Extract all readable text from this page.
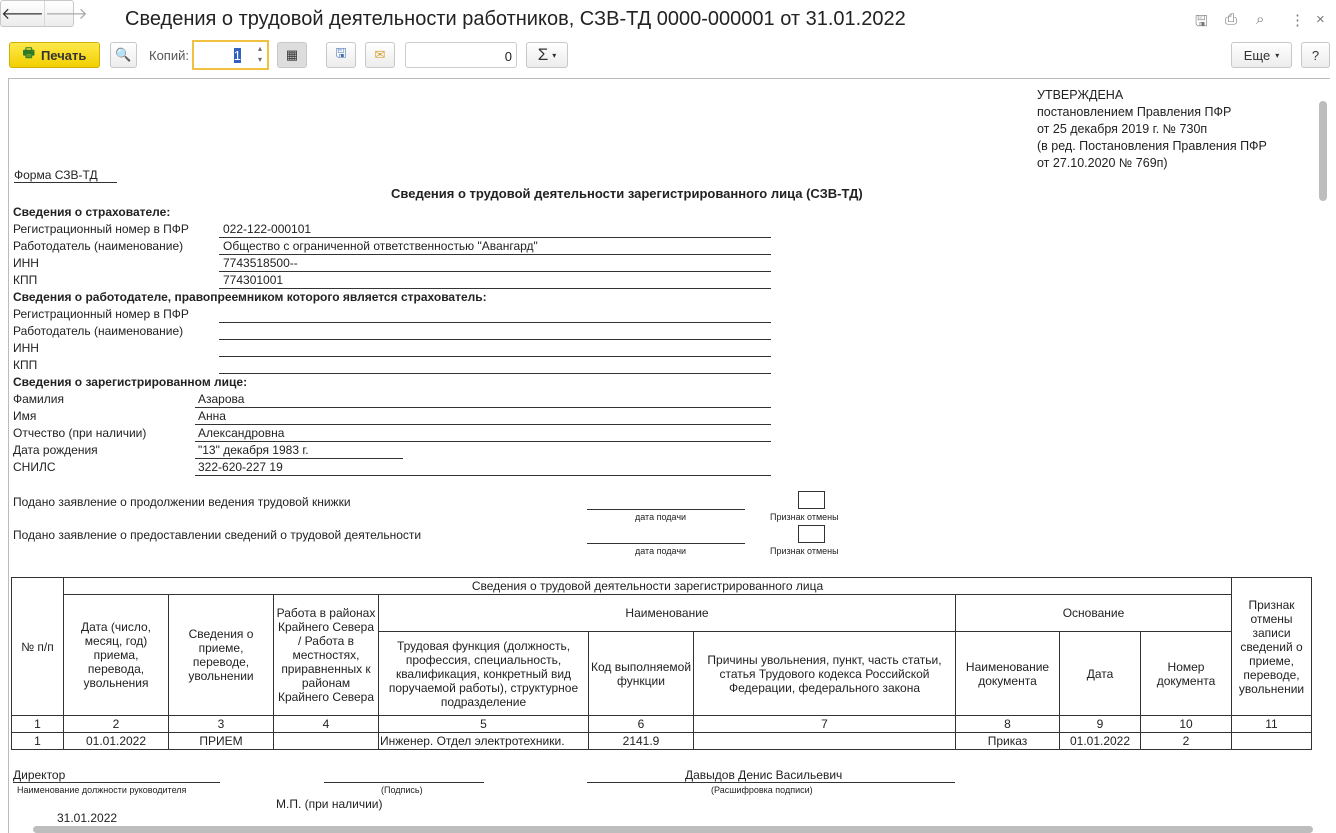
🡐 🡒 Сведения о трудовой деятельности работников, СЗВ-ТД 0000-000001 от 31.01.2022	🖫 ⎙ ⌕ ⋮ ×
🖶 Печать	🔍	Копий:	1 ▴
▾	▦	🖫	✉	0	Σ ▾	Еще ▾	?
УТВЕРЖДЕНА
постановлением Правления ПФР
от 25 декабря 2019 г. № 730п
(в ред. Постановления Правления ПФР
от 27.10.2020 № 769п)
Форма СЗВ-ТД
Сведения о трудовой деятельности зарегистрированного лица (СЗВ-ТД)
Сведения о страхователе:
Регистрационный номер в ПФР	022-122-000101
Работодатель (наименование)	Общество с ограниченной ответственностью "Авангард"
ИНН	7743518500--
КПП	774301001
Сведения о работодателе, правопреемником которого является страхователь:
Регистрационный номер в ПФР
Работодатель (наименование)
ИНН
КПП
Сведения о зарегистрированном лице:
Фамилия	Азарова
Имя	Анна
Отчество (при наличии)	Александровна
Дата рождения	"13" декабря 1983 г.
СНИЛС	322-620-227 19
Подано заявление о продолжении ведения трудовой книжки
дата подачи	Признак отмены
Подано заявление о предоставлении сведений о трудовой деятельности
дата подачи	Признак отмены
№ п/п	Сведения о трудовой деятельности зарегистрированного лица									Признак отмены записи сведений о приеме, переводе, увольнении
	Дата (число, месяц, год) приема, перевода, увольнения	Сведения о приеме, переводе, увольнении	Работа в районах Крайнего Севера / Работа в местностях, приравненных к районам Крайнего Севера	Наименование			Основание			
				Трудовая функция (должность, профессия, специальность, квалификация, конкретный вид поручаемой работы), структурное подразделение	Код выполняемой функции	Причины увольнения, пункт, часть статьи, статья Трудового кодекса Российской Федерации, федерального закона	Наименование документа	Дата	Номер документа	
1	2	3	4	5	6	7	8	9	10	11
1	01.01.2022	ПРИЕМ		Инженер. Отдел электротехники.	2141.9		Приказ	01.01.2022	2	
Директор
Наименование должности руководителя	(Подпись)
Давыдов Денис Васильевич
(Расшифровка подписи)
М.П. (при наличии)
31.01.2022
